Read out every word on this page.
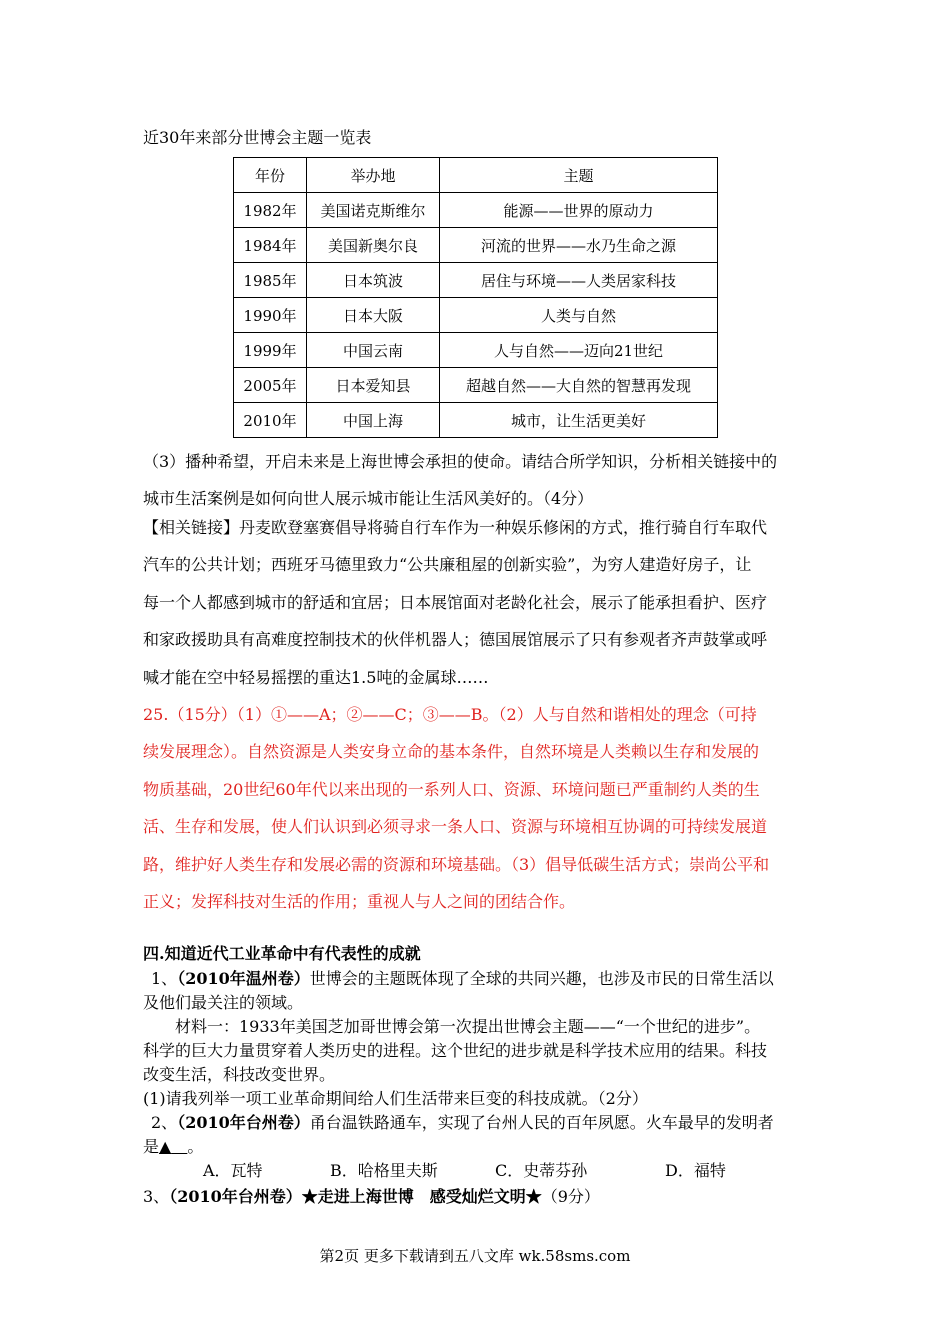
近30年来部分世博会主题一览表
年份	举办地	主题
1982年	美国诺克斯维尔	能源——世界的原动力
1984年	美国新奥尔良	河流的世界——水乃生命之源
1985年	日本筑波	居住与环境——人类居家科技
1990年	日本大阪	人类与自然
1999年	中国云南	人与自然——迈向21世纪
2005年	日本爱知县	超越自然——大自然的智慧再发现
2010年	中国上海	城市，让生活更美好
（3）播种希望，开启未来是上海世博会承担的使命。请结合所学知识，分析相关链接中的
城市生活案例是如何向世人展示城市能让生活风美好的。（4分）
【相关链接】丹麦欧登塞赛倡导将骑自行车作为一种娱乐修闲的方式，推行骑自行车取代
汽车的公共计划；西班牙马德里致力“公共廉租屋的创新实验”，为穷人建造好房子，让
每一个人都感到城市的舒适和宜居；日本展馆面对老龄化社会，展示了能承担看护、医疗
和家政援助具有高难度控制技术的伙伴机器人；德国展馆展示了只有参观者齐声鼓掌或呼
喊才能在空中轻易摇摆的重达1.5吨的金属球……
25.（15分）（1）①——A；②——C；③——B。（2）人与自然和谐相处的理念（可持
续发展理念）。自然资源是人类安身立命的基本条件，自然环境是人类赖以生存和发展的
物质基础，20世纪60年代以来出现的一系列人口、资源、环境问题已严重制约人类的生
活、生存和发展，使人们认识到必须寻求一条人口、资源与环境相互协调的可持续发展道
路，维护好人类生存和发展必需的资源和环境基础。（3）倡导低碳生活方式；崇尚公平和
正义；发挥科技对生活的作用；重视人与人之间的团结合作。
四.知道近代工业革命中有代表性的成就
1、（2010年温州卷）世博会的主题既体现了全球的共同兴趣，也涉及市民的日常生活以
及他们最关注的领域。
材料一：1933年美国芝加哥世博会第一次提出世博会主题——“一个世纪的进步”。
科学的巨大力量贯穿着人类历史的进程。这个世纪的进步就是科学技术应用的结果。科技
改变生活，科技改变世界。
(1)请我列举一项工业革命期间给人们生活带来巨变的科技成就。（2分）
2、（2010年台州卷）甬台温铁路通车，实现了台州人民的百年夙愿。火车最早的发明者
是▲　 。
A．瓦特	B．哈格里夫斯	C．史蒂芬孙	D．福特
3、（2010年台州卷）★走进上海世博　感受灿烂文明★（9分）
第2页 更多下载请到五八文库 wk.58sms.com
